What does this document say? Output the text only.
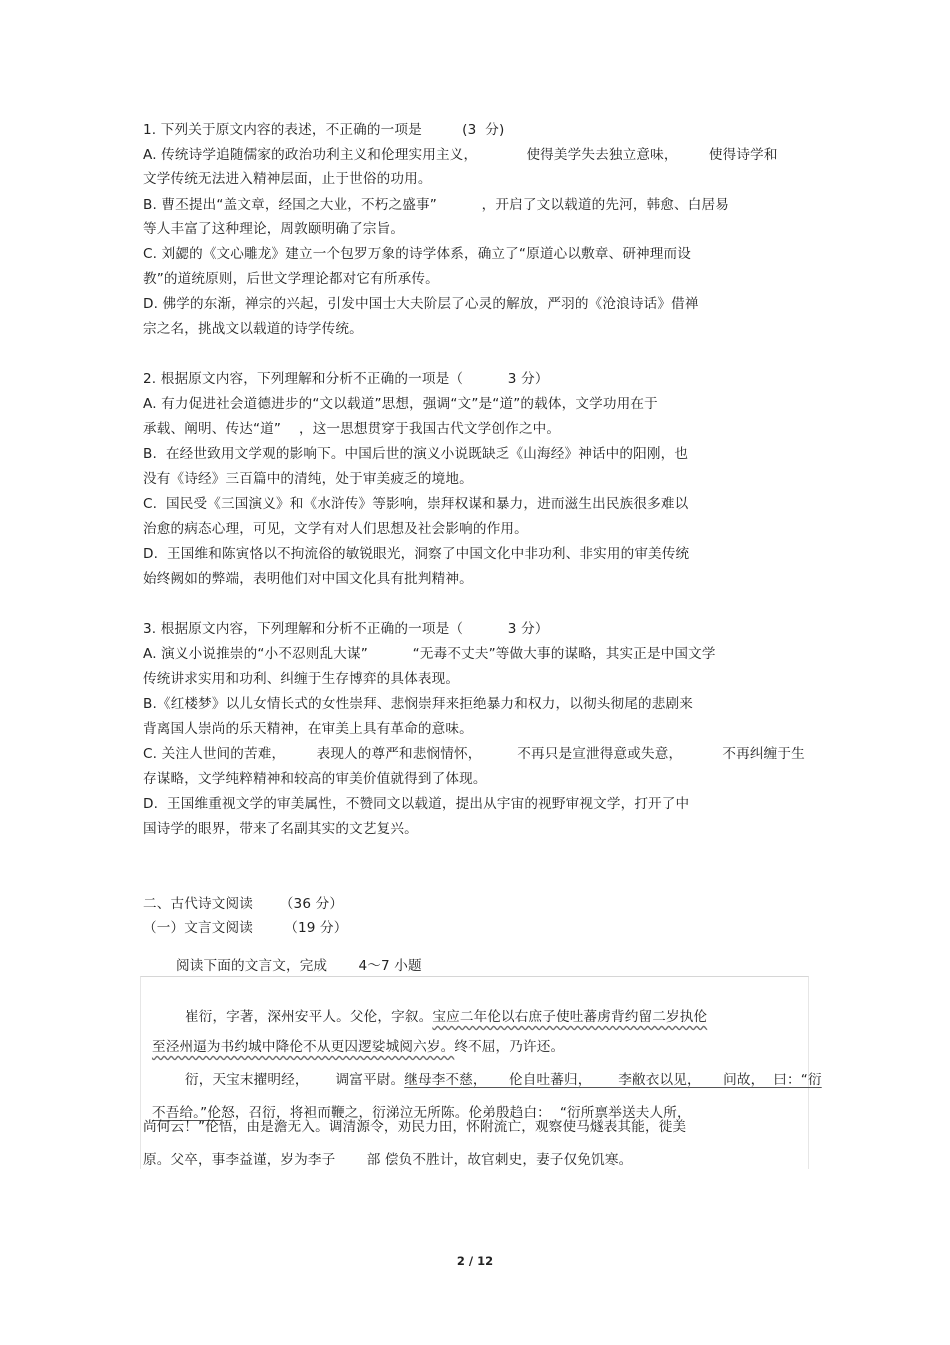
1. 下列关于原文内容的表述，不正确的一项是         (3  分)
A. 传统诗学追随儒家的政治功利主义和伦理实用主义，           使得美学失去独立意味，       使得诗学和
文学传统无法进入精神层面，止于世俗的功用。
B. 曹丕提出“盖文章，经国之大业，不朽之盛事”          ，开启了文以载道的先河，韩愈、白居易
等人丰富了这种理论，周敦颐明确了宗旨。
C. 刘勰的《文心雕龙》建立一个包罗万象的诗学体系，确立了“原道心以敷章、研神理而设
教”的道统原则，后世文学理论都对它有所承传。
D. 佛学的东渐，禅宗的兴起，引发中国士大夫阶层了心灵的解放，严羽的《沧浪诗话》借禅
宗之名，挑战文以载道的诗学传统。
2. 根据原文内容，下列理解和分析不正确的一项是（          3 分）
A. 有力促进社会道德进步的“文以载道”思想，强调“文”是“道”的载体，文学功用在于
承载、阐明、传达“道”    ，这一思想贯穿于我国古代文学创作之中。
B.  在经世致用文学观的影响下。中国后世的演义小说既缺乏《山海经》神话中的阳刚，也
没有《诗经》三百篇中的清纯，处于审美疲乏的境地。
C.  国民受《三国演义》和《水浒传》等影响，崇拜权谋和暴力，进而滋生出民族很多难以
治愈的病态心理，可见，文学有对人们思想及社会影响的作用。
D.  王国维和陈寅恪以不拘流俗的敏锐眼光，洞察了中国文化中非功利、非实用的审美传统
始终阙如的弊端，表明他们对中国文化具有批判精神。
3. 根据原文内容，下列理解和分析不正确的一项是（          3 分）
A. 演义小说推崇的“小不忍则乱大谋”          “无毒不丈夫”等做大事的谋略，其实正是中国文学
传统讲求实用和功利、纠缠于生存博弈的具体表现。
B.《红楼梦》以儿女情长式的女性崇拜、悲悯崇拜来拒绝暴力和权力，以彻头彻尾的悲剧来
背离国人崇尚的乐天精神，在审美上具有革命的意味。
C. 关注人世间的苦难，       表现人的尊严和悲悯情怀，        不再只是宣泄得意或失意，         不再纠缠于生
存谋略，文学纯粹精神和较高的审美价值就得到了体现。
D.  王国维重视文学的审美属性，不赞同文以载道，提出从宇宙的视野审视文学，打开了中
国诗学的眼界，带来了名副其实的文艺复兴。
二、古代诗文阅读      （36 分）
（一）文言文阅读       （19 分）
阅读下面的文言文，完成       4～7 小题

崔衍，字著，深州安平人。父伦，字叙。宝应二年伦以右庶子使吐蕃虏背约留二岁执伦

至泾州逼为书约城中降伦不从更囚逻娑城阅六岁。终不屈，乃许还。

衍，天宝末擢明经，      调富平尉。继母李不慈，     伦自吐蕃归，      李敝衣以见，     问故，  曰：“衍

不吾给。”伦怒，召衍，将袒而鞭之，衍涕泣无所陈。伦弟殷趋白：  “衍所禀举送夫人所，

尚何云！”伦悟，由是澹无入。调清源令，劝民力田，怀附流亡，观察使马燧表其能，徙美
原。父卒，事李益谨，岁为李子       部 偿负不胜计，故官刺史，妻子仅免饥寒。
2 / 12
